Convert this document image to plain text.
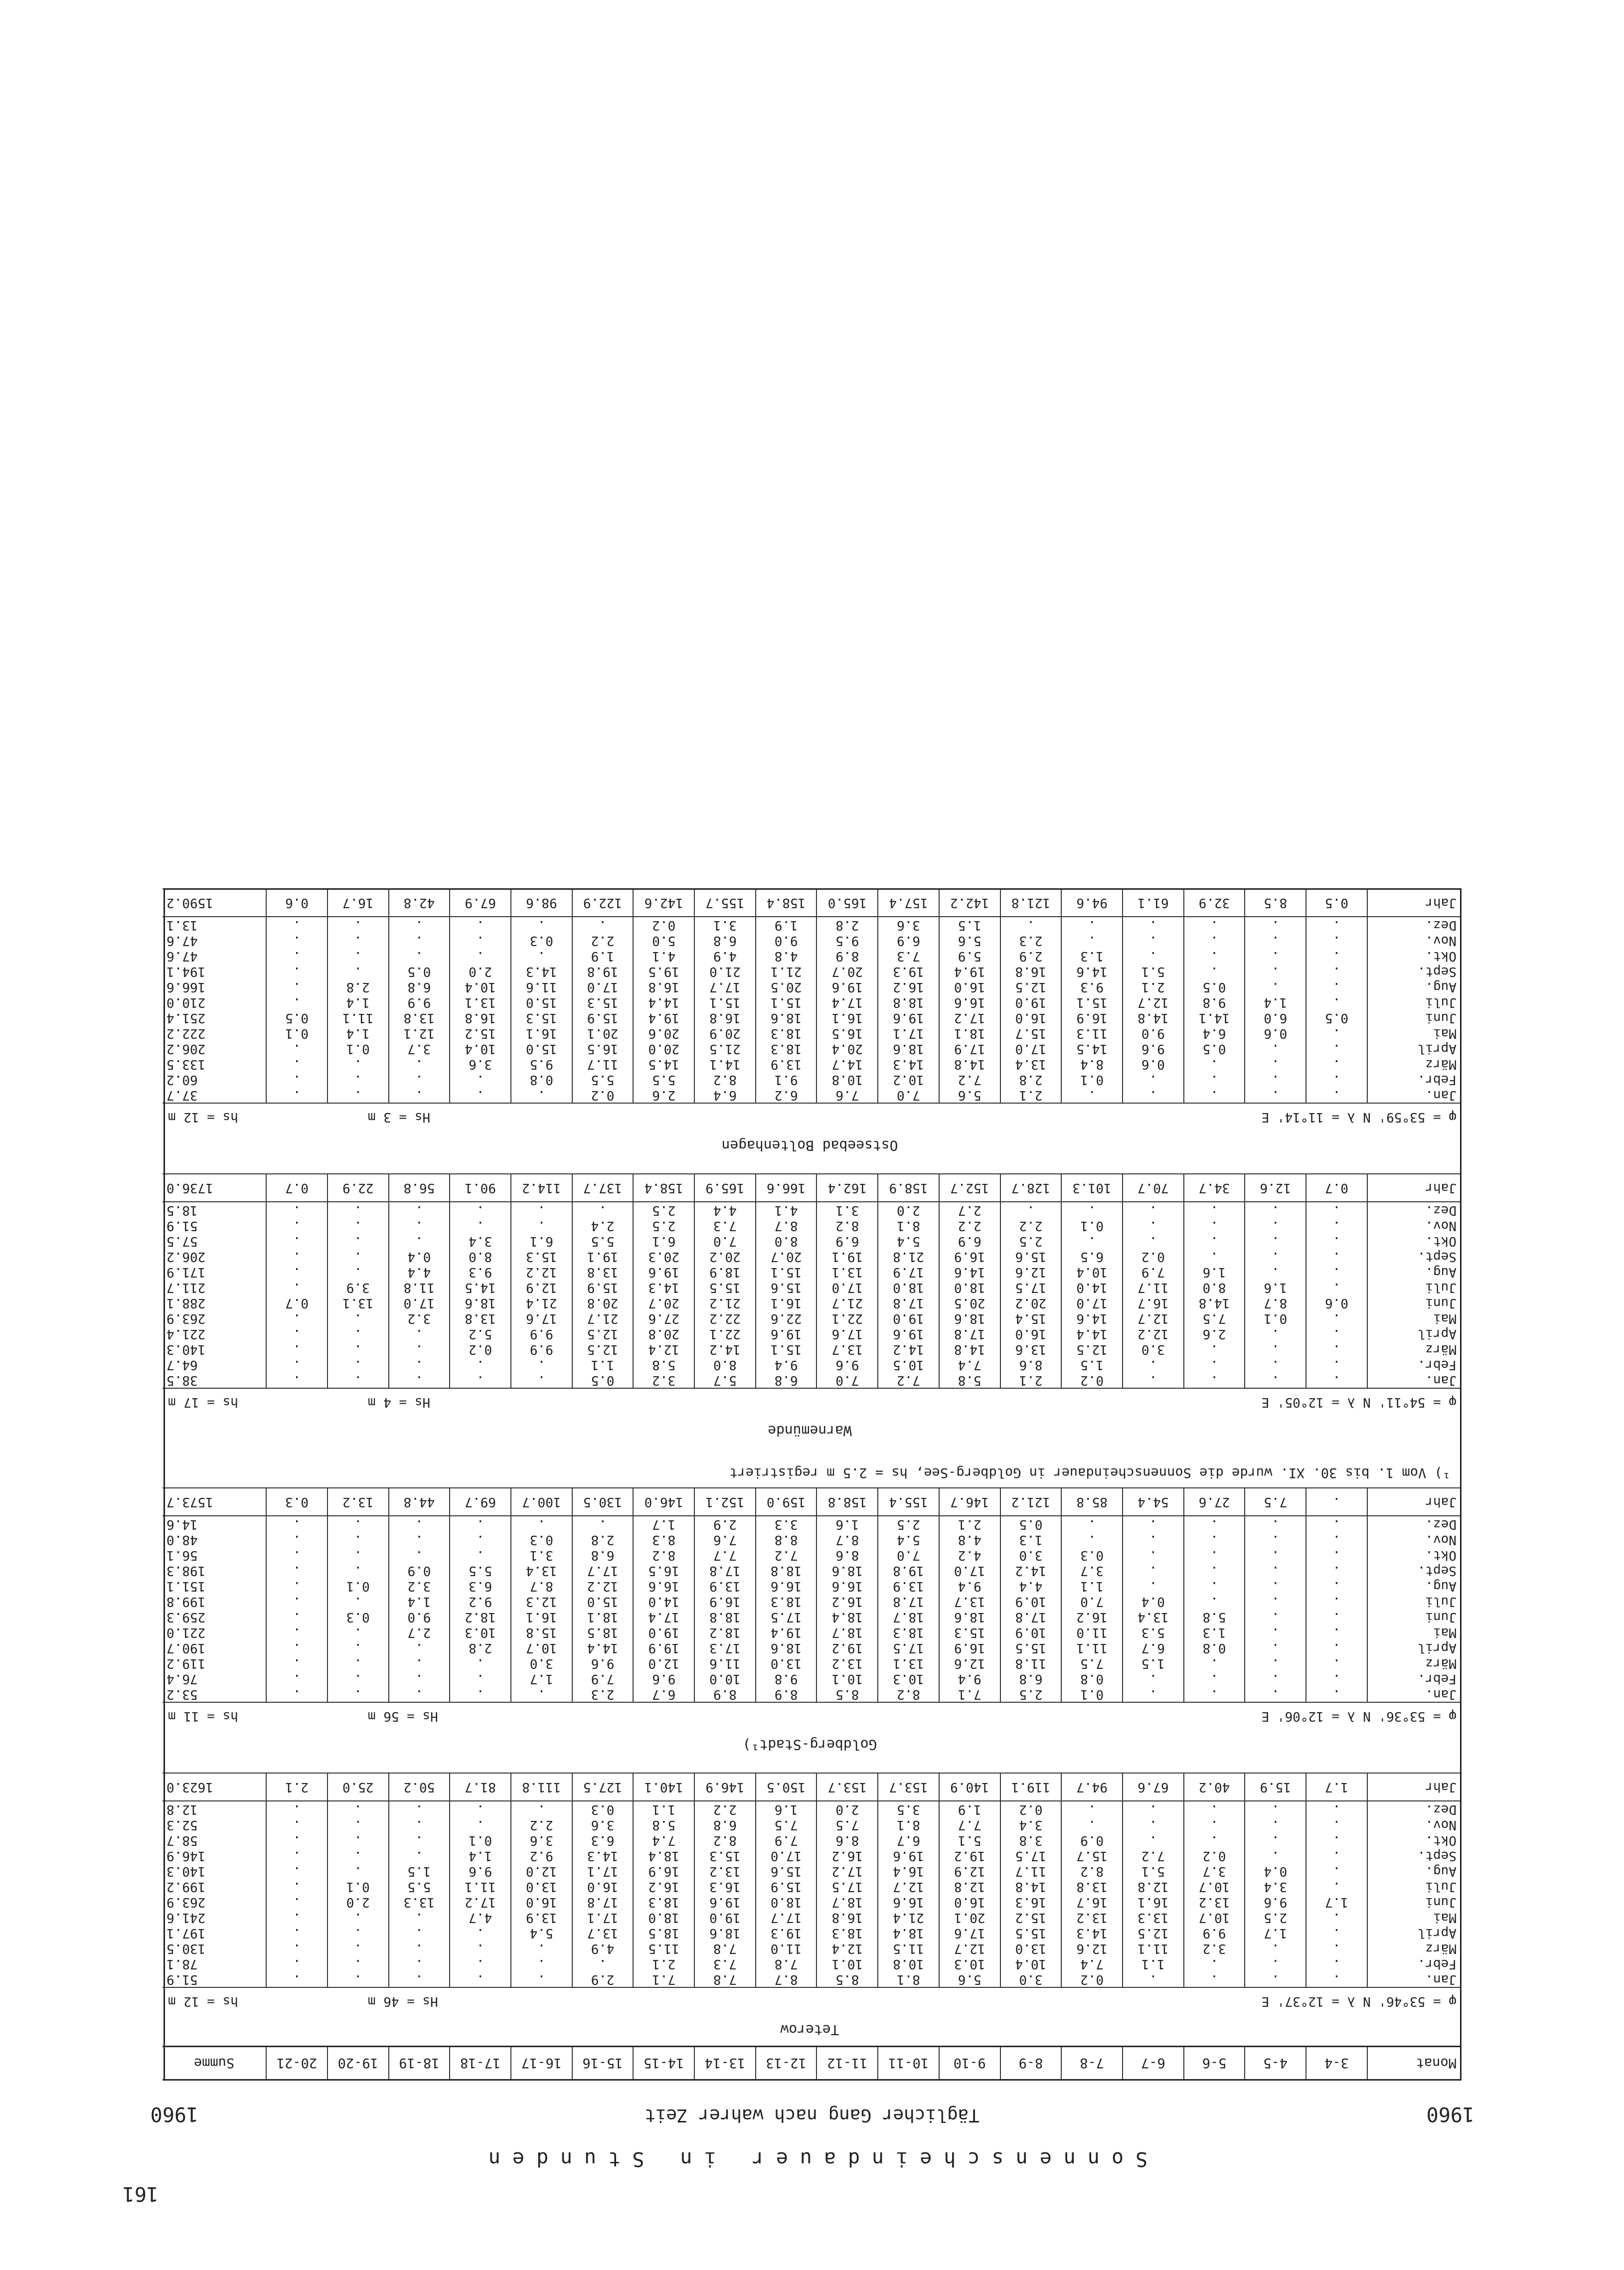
161
Sonnenscheindauer in Stunden
1960
Täglicher Gang nach wahrer Zeit
1960
Monat	3-4	4-5	5-6	6-7	7-8	8-9	9-10	10-11	11-12	12-13	13-14	14-15	15-16	16-17	17-18	18-19	19-20	20-21	Summe
Teterow																			

φ = 53°46' N λ = 12°37' E
hs = 12 m Hs = 46 m																			

Jan.	.	.	.	.	0.2	3.0	5.6	8.1	8.5	8.7	7.8	7.1	2.9	.	.	.	.	.	51.9
Febr.	.	.	.	1.1	7.4	10.4	10.3	10.8	10.1	7.8	7.3	2.1	.	.	.	.	.	.	78.1
März	.	.	3.2	11.1	12.6	13.0	12.7	11.5	12.4	11.0	7.8	11.5	4.9	.	.	.	.	.	130.5
April	.	1.7	9.9	12.5	14.3	15.5	17.6	18.4	18.3	19.3	18.6	18.5	13.7	5.4	.	.	.	.	197.1
Mai	.	2.5	10.7	13.3	13.2	15.2	20.1	21.4	16.8	17.7	19.0	18.0	17.1	13.9	4.7	.	.	.	241.6
Juni	1.7	9.6	13.2	16.1	16.7	16.3	16.0	16.6	18.7	18.0	19.6	18.3	17.8	16.0	17.2	13.3	2.0	.	263.9
Juli	.	3.4	10.7	12.8	13.8	14.8	12.8	12.7	17.5	15.9	16.3	16.2	16.0	13.0	11.1	5.5	0.1	.	199.2
Aug.	.	0.4	3.7	5.1	8.2	11.7	12.9	16.4	17.2	15.6	13.2	16.9	17.1	12.0	9.6	1.5	.	.	140.3
Sept.	.	.	0.2	7.2	15.7	17.5	19.2	19.6	16.2	17.0	15.3	18.4	14.3	9.2	1.4	.	.	.	146.9
Okt.	.	.	.	.	0.9	3.8	5.1	6.7	8.6	7.9	8.2	7.4	6.3	3.6	0.1	.	.	.	58.7
Nov.	.	.	.	.	.	3.4	7.7	8.1	7.5	7.5	6.8	5.8	3.6	2.2	.	.	.	.	52.3
Dez.	.	.	.	.	.	0.2	1.9	3.5	2.0	1.6	2.2	1.1	0.3	.	.	.	.	.	12.8
Jahr	1.7	15.9	40.2	67.6	94.7	119.1	140.9	153.7	153.7	150.5	146.9	140.1	127.5	111.8	81.7	50.2	25.0	2.1	1623.0

Goldberg-Stadt¹)																			

φ = 53°36' N λ = 12°06' E
hs = 11 m Hs = 56 m																			

Jan.	.	.	.	.	0.1	2.5	7.1	8.2	8.5	8.9	8.9	6.7	2.3	.	.	.	.	.	53.2
Febr.	.	.	.	.	0.8	6.8	9.4	10.3	10.1	9.8	10.0	9.6	7.9	1.7	.	.	.	.	76.4
März	.	.	.	1.5	7.5	11.8	12.6	13.1	13.2	13.0	11.6	12.0	9.6	3.0	.	.	.	.	119.2
April	.	.	0.8	6.7	11.1	15.5	16.9	17.5	19.2	18.6	17.3	19.9	14.4	10.7	2.8	.	.	.	190.7
Mai	.	.	1.3	5.3	11.0	10.9	15.3	18.3	18.7	19.4	18.2	19.0	18.5	15.8	10.3	2.7	.	.	221.0
Juni	.	.	5.8	13.4	16.2	17.8	18.6	18.7	18.4	17.5	18.8	17.4	18.1	16.1	18.2	9.0	0.3	.	259.3
Juli	.	.	.	0.4	7.0	10.9	13.7	17.8	16.2	18.3	16.9	14.0	15.0	12.3	9.2	1.4	.	.	199.8
Aug.	.	.	.	.	1.1	4.4	9.4	13.9	16.6	16.6	13.9	16.6	12.2	8.7	6.3	3.2	0.1	.	151.1
Sept.	.	.	.	.	3.7	14.2	17.0	19.8	18.6	18.8	17.8	16.5	17.7	13.4	5.5	0.9	.	.	198.3
Okt.	.	.	.	.	0.3	3.0	4.2	7.0	8.6	7.2	7.7	8.2	6.8	3.1	.	.	.	.	56.1
Nov.	.	.	.	.	.	1.3	4.8	5.4	8.7	8.8	7.6	8.3	2.8	0.3	.	.	.	.	48.0
Dez.	.	.	.	.	.	0.5	2.1	2.5	1.6	3.3	2.9	1.7	.	.	.	.	.	.	14.6
Jahr	.	7.5	27.6	54.4	85.8	121.2	146.7	155.4	158.8	159.0	152.1	146.0	130.5	100.7	69.7	44.8	13.2	0.3	1573.7
¹) Vom 1. bis 30. XI. wurde die Sonnenscheindauer in Goldberg-See, hs = 2.5 m registriert																			

Warnemünde																			

φ = 54°11' N λ = 12°05' E
hs = 17 m Hs = 4 m																			

Jan.	.	.	.	.	0.2	2.1	5.8	7.2	7.0	6.8	5.7	3.2	0.5	.	.	.	.	.	38.5
Febr.	.	.	.	.	1.5	8.6	7.4	10.5	9.6	9.4	8.0	5.8	1.1	.	.	.	.	.	64.7
März	.	.	.	3.0	12.5	13.6	14.8	14.2	13.7	15.1	14.2	12.4	12.5	9.9	0.2	.	.	.	140.3
April	.	.	2.6	12.2	14.4	16.0	17.8	19.6	17.6	19.6	22.1	20.8	12.5	9.9	5.2	.	.	.	221.4
Mai	.	0.1	7.5	12.7	14.6	15.4	18.6	19.0	22.1	22.6	22.2	27.6	21.7	17.6	13.8	3.2	.	.	263.9
Juni	0.6	8.7	14.8	16.7	17.0	20.2	20.5	17.8	21.7	16.1	21.2	20.7	20.8	21.4	18.6	17.0	13.1	0.7	288.1
Juli	.	1.6	8.0	11.7	14.0	17.5	18.0	18.0	17.0	15.6	15.5	14.3	15.9	12.9	14.5	11.8	3.9	.	211.7
Aug.	.	.	1.6	7.9	10.4	12.6	14.6	17.9	13.1	15.1	18.9	19.6	13.8	12.2	9.3	4.4	.	.	171.9
Sept.	.	.	.	0.2	6.5	15.6	16.9	21.8	19.1	20.7	20.2	20.3	19.1	15.3	8.0	0.4	.	.	206.2
Okt.	.	.	.	.	.	2.5	6.9	5.4	6.9	8.0	7.0	6.1	5.5	6.1	3.4	.	.	.	57.5
Nov.	.	.	.	.	0.1	2.2	2.2	8.1	8.2	8.7	7.3	2.5	2.4	.	.	.	.	.	51.9
Dez.	.	.	.	.	.	.	2.7	2.0	3.1	4.1	4.4	2.5	.	.	.	.	.	.	18.5
Jahr	0.7	12.6	34.7	70.7	101.3	128.7	152.7	158.9	162.4	166.6	165.9	158.4	137.7	114.2	90.1	56.8	22.9	0.7	1736.0

Ostseebad Boltenhagen																			

φ = 53°59' N λ = 11°14' E
hs = 12 m Hs = 3 m																			

Jan.	.	.	.	.	.	2.1	5.6	7.0	7.6	6.2	6.4	2.6	0.2	.	.	.	.	.	37.7
Febr.	.	.	.	.	0.1	2.8	7.2	10.2	10.8	9.1	8.2	5.5	5.5	0.8	.	.	.	.	60.2
März	.	.	.	0.6	8.4	13.4	14.8	14.3	14.7	13.9	14.1	14.5	11.7	9.5	3.6	.	.	.	133.5
April	.	.	0.5	9.6	14.5	17.0	17.9	18.6	20.4	18.3	21.5	20.0	16.5	15.0	10.4	3.7	0.1	.	206.2
Mai	.	0.6	6.4	9.0	11.3	15.7	18.1	17.1	16.5	18.3	20.9	20.6	20.1	16.1	15.2	12.1	1.4	0.1	222.2
Juni	0.5	6.0	14.1	14.8	16.9	16.0	17.2	19.6	16.1	18.6	16.8	19.4	15.9	15.3	16.8	13.8	11.1	0.5	251.4
Juli	.	1.4	9.8	12.7	15.1	19.0	16.6	18.8	17.4	15.1	15.1	14.4	15.3	15.0	13.1	9.9	1.4	.	210.0
Aug.	.	.	0.5	2.1	9.3	12.5	16.0	16.2	19.6	20.5	17.7	16.8	17.0	11.6	10.4	6.8	2.8	.	166.6
Sept.	.	.	.	5.1	14.6	16.8	19.4	19.3	20.7	21.1	21.0	19.5	19.8	14.3	2.0	0.5	.	.	194.1
Okt.	.	.	.	.	1.3	2.9	5.9	7.3	8.9	4.8	4.9	4.1	1.9	.	.	.	.	.	47.6
Nov.	.	.	.	.	.	2.3	5.6	6.9	9.5	9.0	6.8	5.0	2.2	0.3	.	.	.	.	47.6
Dez.	.	.	.	.	.	.	1.5	3.6	2.8	1.9	3.1	0.2	.	.	.	.	.	.	13.1
Jahr	0.5	8.5	32.9	61.1	94.6	121.8	142.2	157.4	165.0	158.4	155.7	142.6	122.9	98.6	67.9	42.8	16.7	0.6	1590.2
